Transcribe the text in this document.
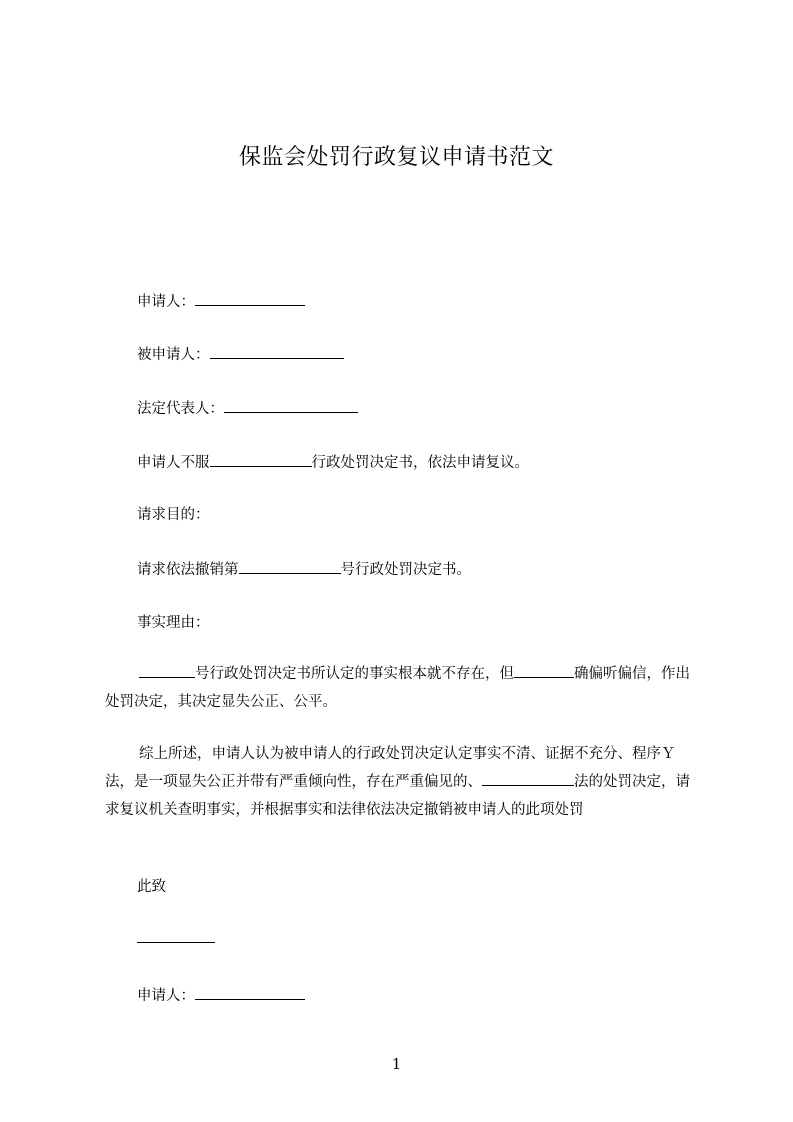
保监会处罚行政复议申请书范文
申请人：
被申请人：
法定代表人：
申请人不服	行政处罚决定书，依法申请复议。
请求目的：
请求依法撤销第	号行政处罚决定书。
事实理由：
号行政处罚决定书所认定的事实根本就不存在，但	确偏听偏信，作出处罚决定，其决定显失公正、公平。
综上所述，申请人认为被申请人的行政处罚决定认定事实不清、证据不充分、程序Ｙ法，是一项显失公正并带有严重倾向性，存在严重偏见的、	法的处罚决定，请求复议机关查明事实，并根据事实和法律依法决定撤销被申请人的此项处罚
此致
申请人：
1
